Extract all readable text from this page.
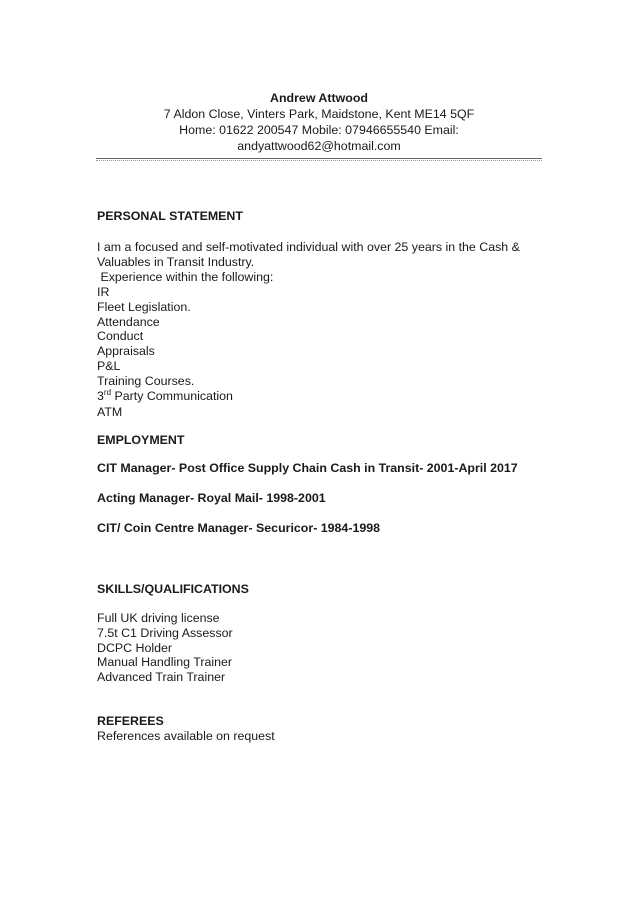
Andrew Attwood

7 Aldon Close, Vinters Park, Maidstone, Kent ME14 5QF

Home: 01622 200547 Mobile: 07946655540 Email:

andyattwood62@hotmail.com

PERSONAL STATEMENT

I am a focused and self-motivated individual with over 25 years in the Cash &

Valuables in Transit Industry.

Experience within the following:

IR

Fleet Legislation.

Attendance

Conduct

Appraisals

P&L

Training Courses.

3rd Party Communication

ATM

EMPLOYMENT

CIT Manager- Post Office Supply Chain Cash in Transit- 2001-April 2017

Acting Manager- Royal Mail- 1998-2001

CIT/ Coin Centre Manager- Securicor- 1984-1998

SKILLS/QUALIFICATIONS

Full UK driving license

7.5t C1 Driving Assessor

DCPC Holder

Manual Handling Trainer

Advanced Train Trainer

REFEREES

References available on request
